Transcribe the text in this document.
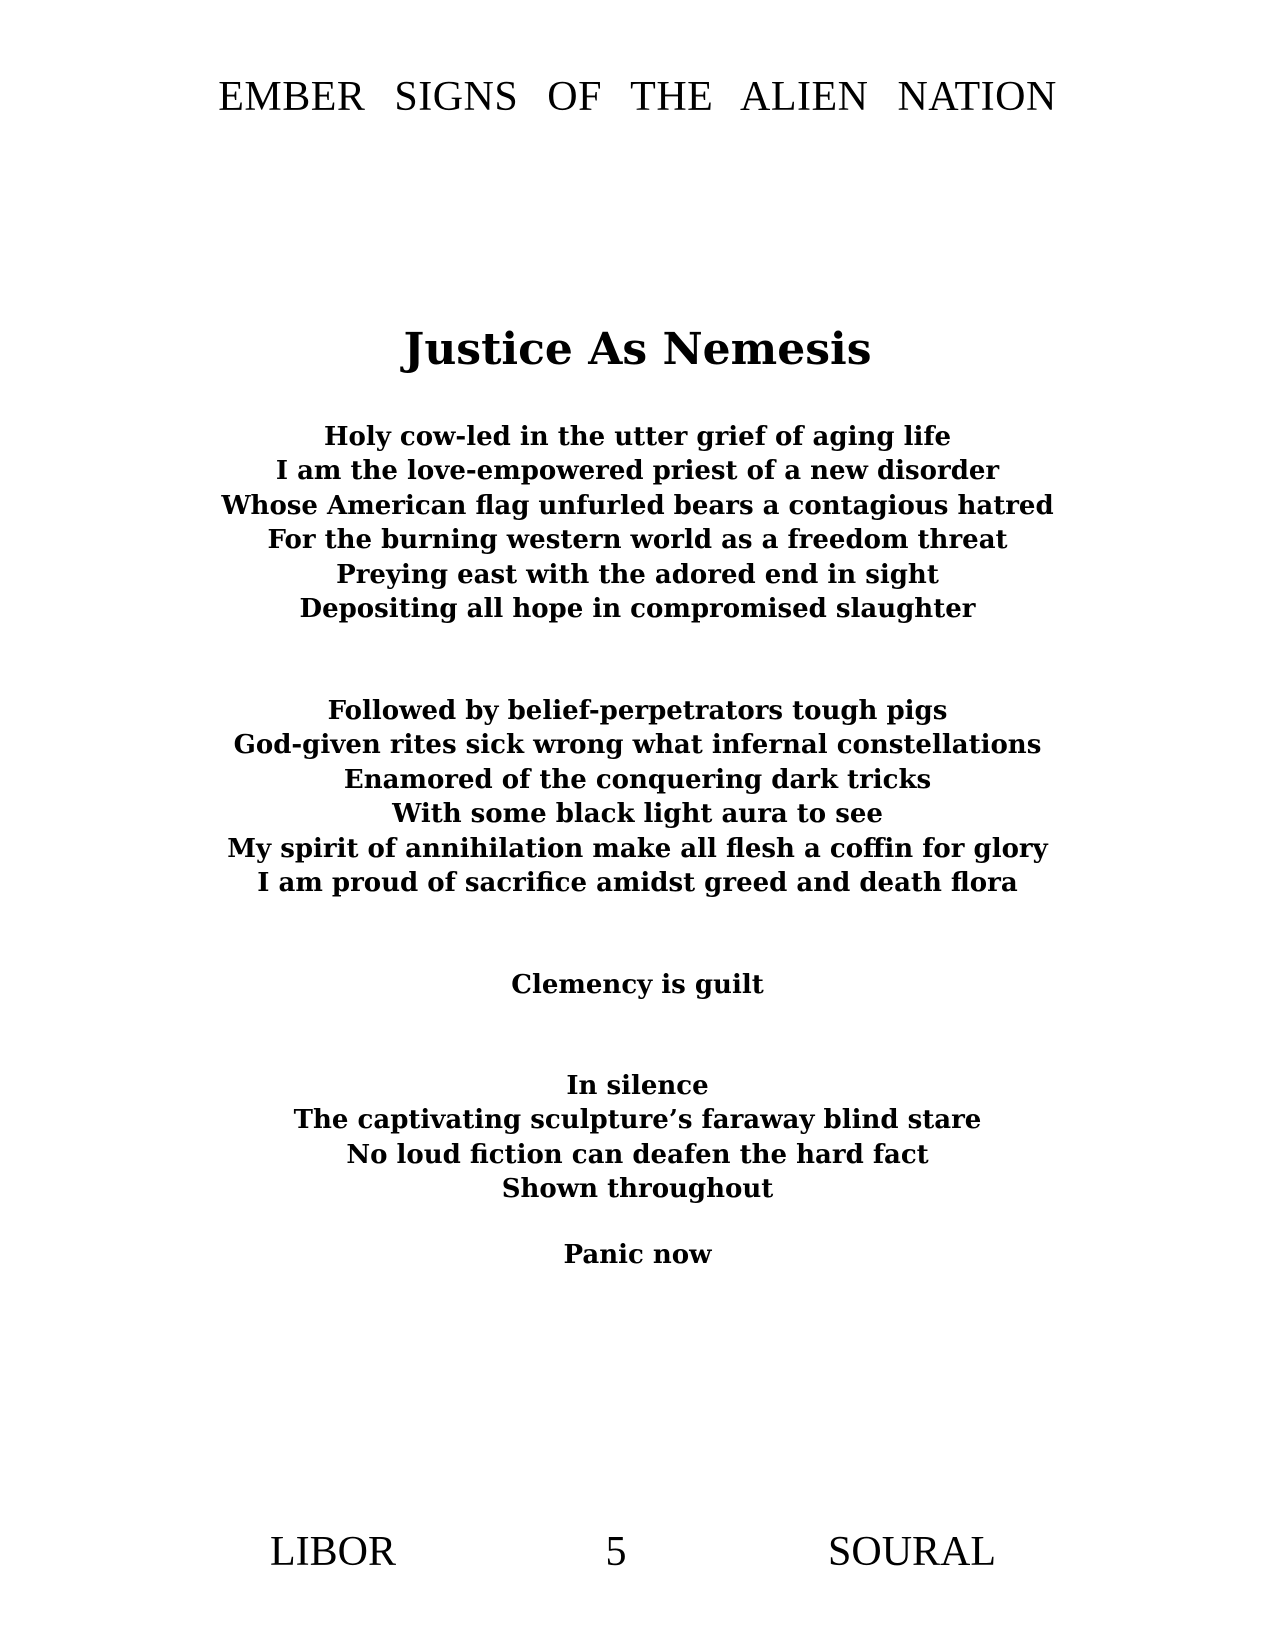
EMBER SIGNS OF THE ALIEN NATION
Justice As Nemesis
Holy cow-led in the utter grief of aging life
I am the love-empowered priest of a new disorder
Whose American flag unfurled bears a contagious hatred
For the burning western world as a freedom threat
Preying east with the adored end in sight
Depositing all hope in compromised slaughter
Followed by belief-perpetrators tough pigs
God-given rites sick wrong what infernal constellations
Enamored of the conquering dark tricks
With some black light aura to see
My spirit of annihilation make all flesh a coffin for glory
I am proud of sacrifice amidst greed and death flora
Clemency is guilt
In silence
The captivating sculpture’s faraway blind stare
No loud fiction can deafen the hard fact
Shown throughout
Panic now
LIBOR	5	SOURAL
